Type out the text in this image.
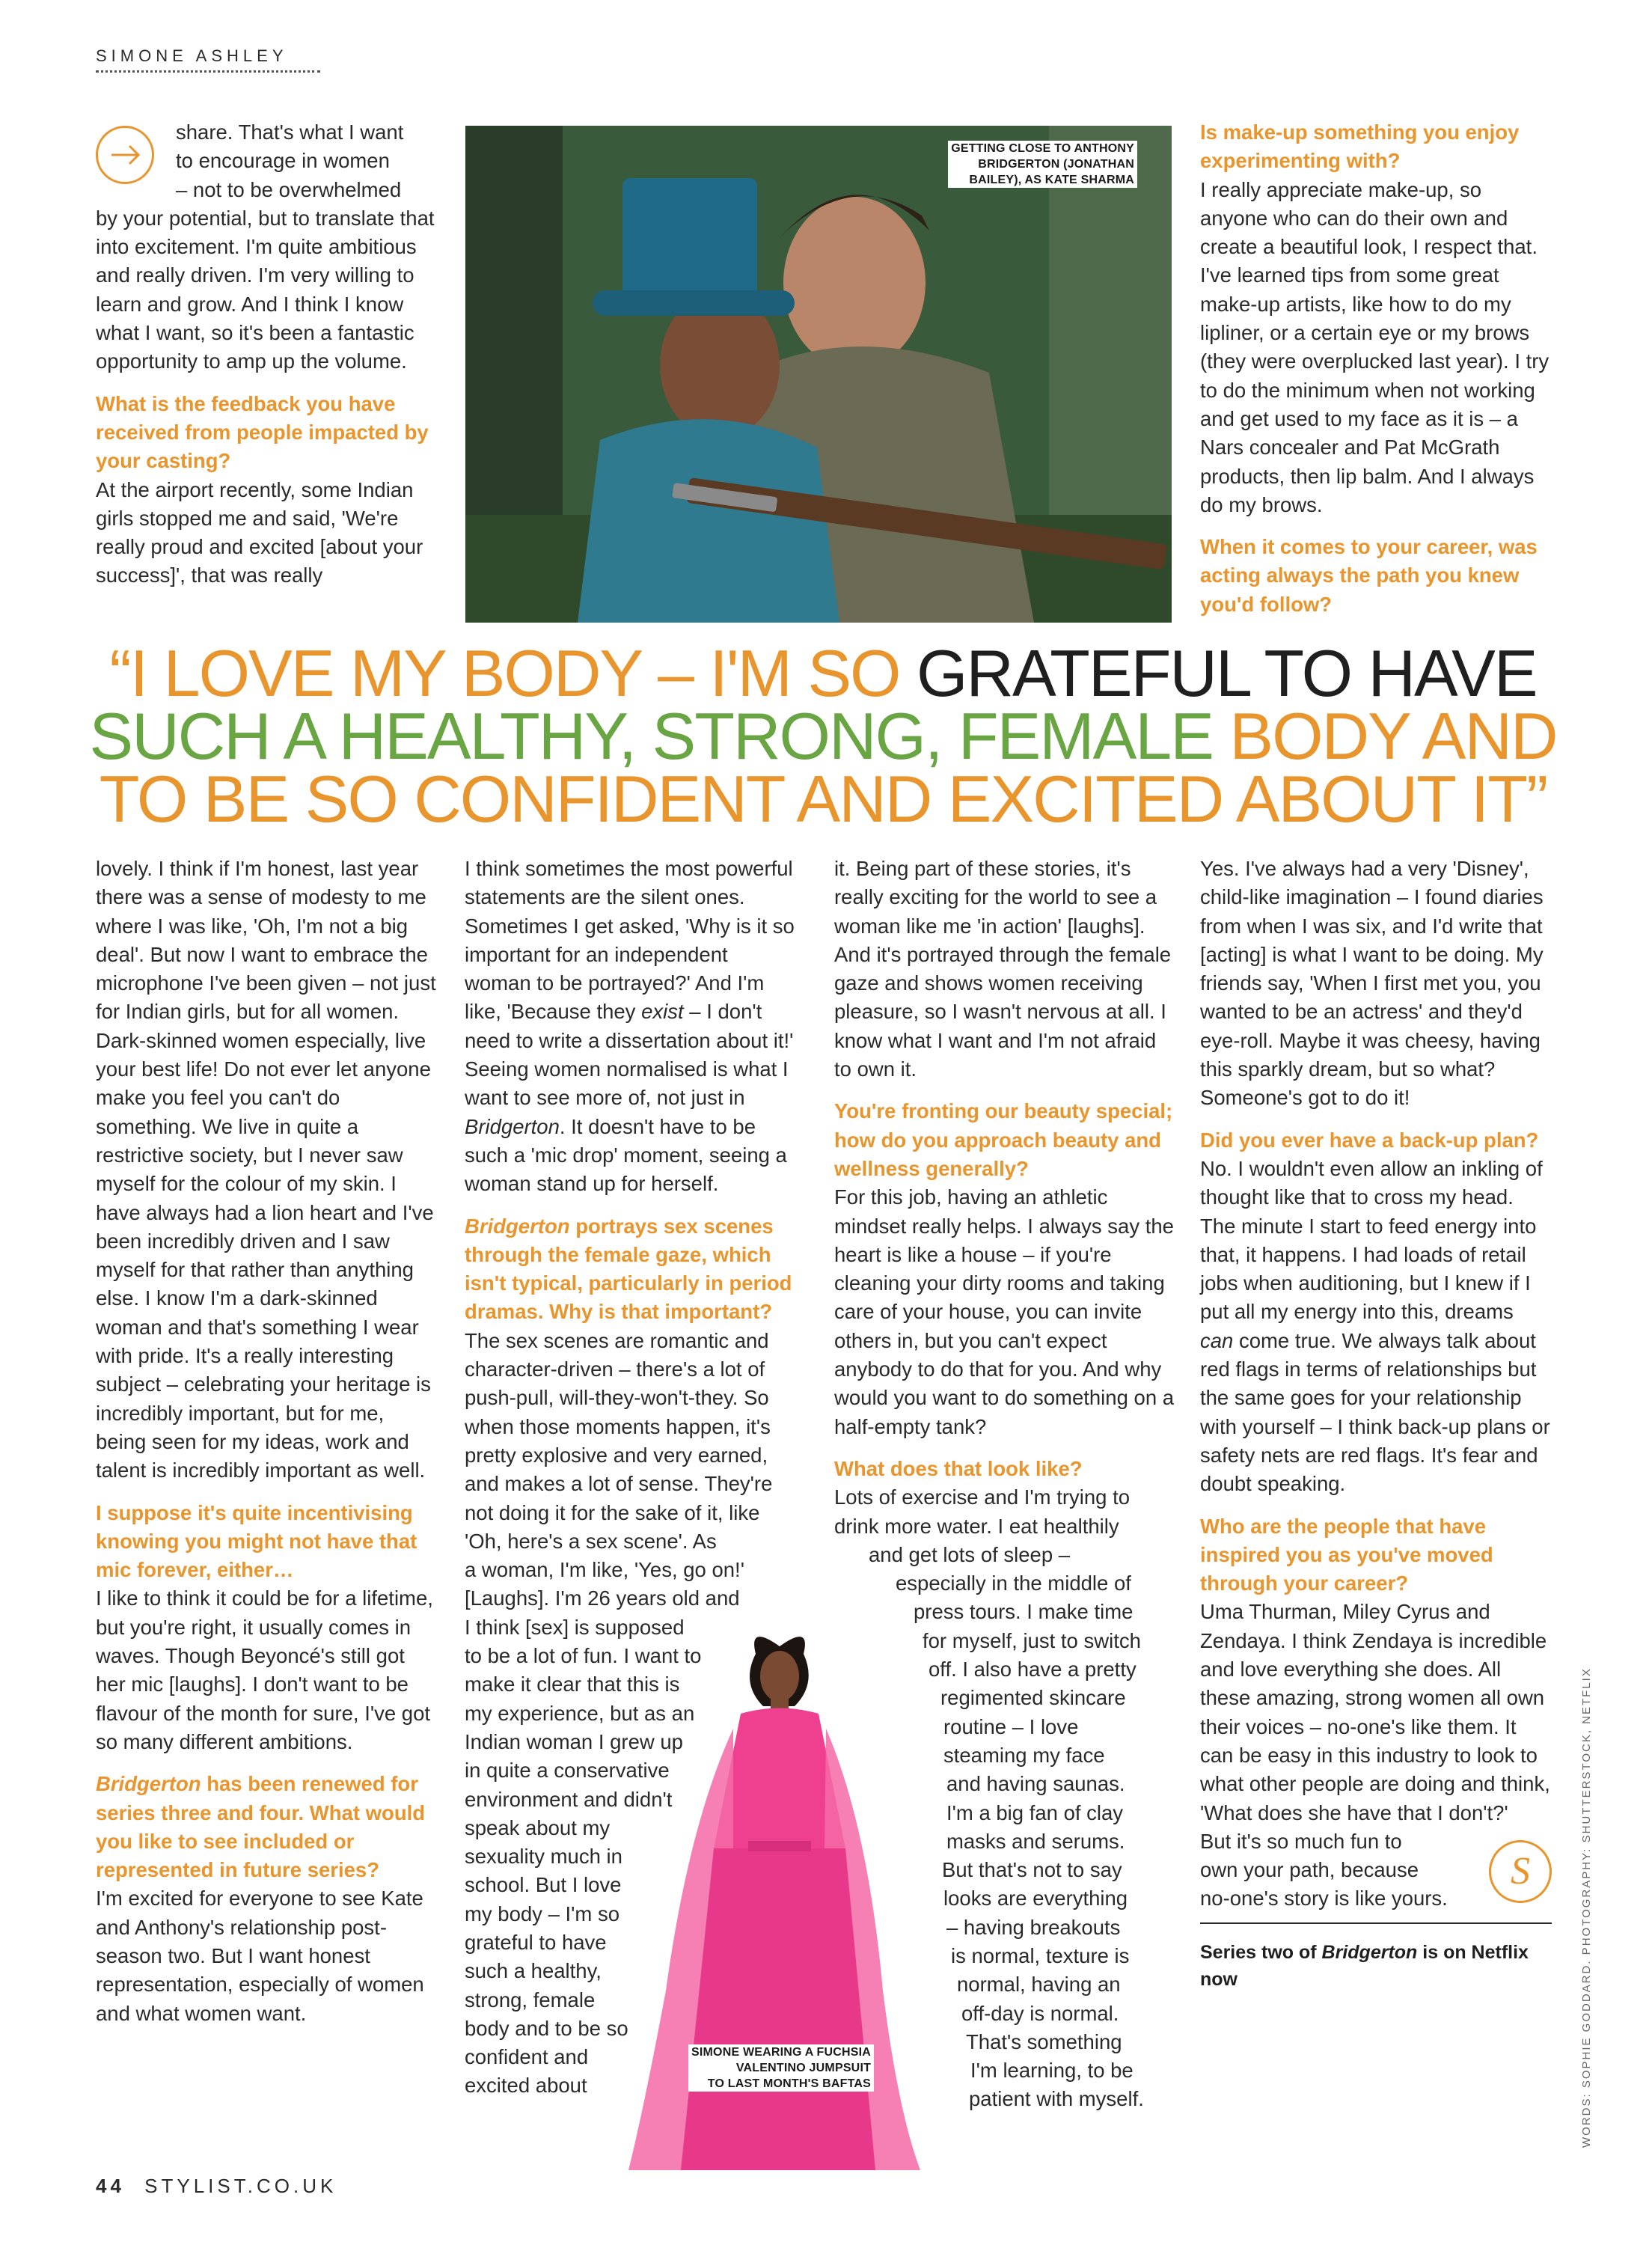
SIMONE ASHLEY
share. That's what I want
to encourage in women
– not to be overwhelmed

by your potential, but to translate that into excitement. I'm quite ambitious and really driven. I'm very willing to learn and grow. And I think I know what I want, so it's been a fantastic opportunity to amp up the volume.

What is the feedback you have received from people impacted by your casting?

At the airport recently, some Indian girls stopped me and said, 'We're really proud and excited [about your success]', that was really

GETTING CLOSE TO ANTHONY
BRIDGERTON (JONATHAN
BAILEY), AS KATE SHARMA

Is make-up something you enjoy experimenting with?

I really appreciate make-up, so anyone who can do their own and create a beautiful look, I respect that. I've learned tips from some great make-up artists, like how to do my lipliner, or a certain eye or my brows (they were overplucked last year). I try to do the minimum when not working and get used to my face as it is – a Nars concealer and Pat McGrath products, then lip balm. And I always do my brows.

When it comes to your career, was acting always the path you knew you'd follow?

“I LOVE MY BODY – I'M SO GRATEFUL TO HAVE
SUCH A HEALTHY, STRONG, FEMALE BODY AND
TO BE SO CONFIDENT AND EXCITED ABOUT IT”

lovely. I think if I'm honest, last year there was a sense of modesty to me where I was like, 'Oh, I'm not a big deal'. But now I want to embrace the microphone I've been given – not just for Indian girls, but for all women. Dark-skinned women especially, live your best life! Do not ever let anyone make you feel you can't do something. We live in quite a restrictive society, but I never saw myself for the colour of my skin. I have always had a lion heart and I've been incredibly driven and I saw myself for that rather than anything else. I know I'm a dark-skinned woman and that's something I wear with pride. It's a really interesting subject – celebrating your heritage is incredibly important, but for me, being seen for my ideas, work and talent is incredibly important as well.

I suppose it's quite incentivising knowing you might not have that mic forever, either…

I like to think it could be for a lifetime, but you're right, it usually comes in waves. Though Beyoncé's still got her mic [laughs]. I don't want to be flavour of the month for sure, I've got so many different ambitions.

Bridgerton has been renewed for series three and four. What would you like to see included or represented in future series?

I'm excited for everyone to see Kate and Anthony's relationship post-season two. But I want honest representation, especially of women and what women want.

I think sometimes the most powerful statements are the silent ones. Sometimes I get asked, 'Why is it so important for an independent woman to be portrayed?' And I'm like, 'Because they exist – I don't need to write a dissertation about it!' Seeing women normalised is what I want to see more of, not just in Bridgerton. It doesn't have to be such a 'mic drop' moment, seeing a woman stand up for herself.

Bridgerton portrays sex scenes through the female gaze, which isn't typical, particularly in period dramas. Why is that important?

The sex scenes are romantic and character-driven – there's a lot of push-pull, will-they-won't-they. So when those moments happen, it's pretty explosive and very earned, and makes a lot of sense. They're not doing it for the sake of it, like 'Oh, here's a sex scene'. As

a woman, I'm like, 'Yes, go on!'
[Laughs]. I'm 26 years old and
I think [sex] is supposed
to be a lot of fun. I want to
make it clear that this is
my experience, but as an
Indian woman I grew up
in quite a conservative
environment and didn't
speak about my
sexuality much in
school. But I love
my body – I'm so
grateful to have
such a healthy,
strong, female
body and to be so
confident and
excited about
SIMONE WEARING A FUCHSIA
VALENTINO JUMPSUIT
TO LAST MONTH'S BAFTAS

it. Being part of these stories, it's really exciting for the world to see a woman like me 'in action' [laughs]. And it's portrayed through the female gaze and shows women receiving pleasure, so I wasn't nervous at all. I know what I want and I'm not afraid to own it.

You're fronting our beauty special; how do you approach beauty and wellness generally?

For this job, having an athletic mindset really helps. I always say the heart is like a house – if you're cleaning your dirty rooms and taking care of your house, you can invite others in, but you can't expect anybody to do that for you. And why would you want to do something on a half-empty tank?

What does that look like?

Lots of exercise and I'm trying to
drink more water. I eat healthily
and get lots of sleep –
especially in the middle of
press tours. I make time
for myself, just to switch
off. I also have a pretty
regimented skincare
routine – I love
steaming my face
and having saunas.
I'm a big fan of clay
masks and serums.
But that's not to say
looks are everything
– having breakouts
is normal, texture is
normal, having an
off-day is normal.
That's something
I'm learning, to be
patient with myself.

Yes. I've always had a very 'Disney', child-like imagination – I found diaries from when I was six, and I'd write that [acting] is what I want to be doing. My friends say, 'When I first met you, you wanted to be an actress' and they'd eye-roll. Maybe it was cheesy, having this sparkly dream, but so what? Someone's got to do it!

Did you ever have a back-up plan?

No. I wouldn't even allow an inkling of thought like that to cross my head. The minute I start to feed energy into that, it happens. I had loads of retail jobs when auditioning, but I knew if I put all my energy into this, dreams can come true. We always talk about red flags in terms of relationships but the same goes for your relationship with yourself – I think back-up plans or safety nets are red flags. It's fear and doubt speaking.

Who are the people that have inspired you as you've moved through your career?

Uma Thurman, Miley Cyrus and Zendaya. I think Zendaya is incredible and love everything she does. All these amazing, strong women all own their voices – no-one's like them. It can be easy in this industry to look to what other people are doing and think, 'What does she have that I don't?'

But it's so much fun to
own your path, because
no-one's story is like yours.
S

Series two of Bridgerton is on Netflix now	WORDS: SOPHIE GODDARD. PHOTOGRAPHY: SHUTTERSTOCK, NETFLIX
44 STYLIST.CO.UK
